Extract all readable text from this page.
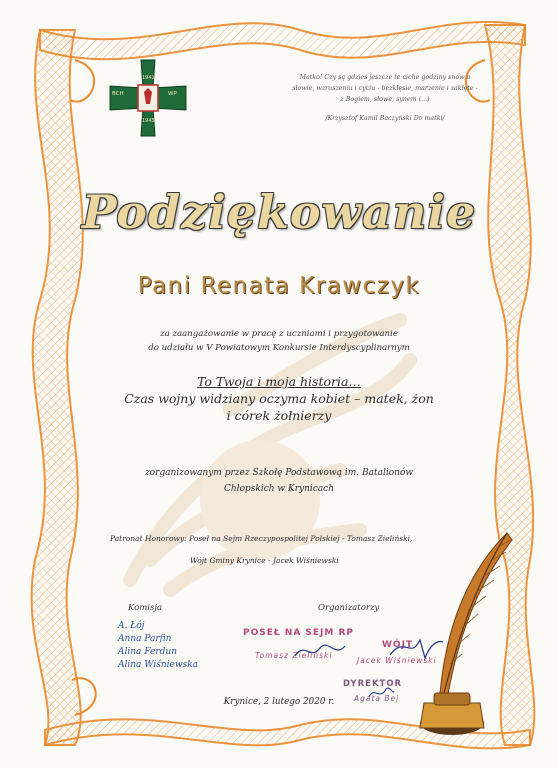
BCH	WP
1941
1945
Matko! Czy są gdzieś jeszcze te ciche godziny snów o słowie, wzruszeniu i cyciu - bezkłęsie, marzenie i zakłęte - z Bogiem, słowe, synem (...)
/Krzysztof Kamil Baczyński Do matki/
Podziękowanie
Pani Renata Krawczyk
za zaangażowanie w pracę z uczniami i przygotowanie
do udziału w V Powiatowym Konkursie Interdyscyplinarnym
To Twoja i moja historia…
Czas wojny widziany oczyma kobiet – matek, żon
i córek żołnierzy
zorganizowanym przez Szkołę Podstawową im. Batalionów
Chłopskich w Krynicach
Patronat Honorowy: Poseł na Sejm Rzeczypospolitej Polskiej - Tomasz Zieliński,
Wójt Gminy Krynice - Jacek Wiśniewski
Komisja	Organizatorzy
A. Łój
Anna Parfin
Alina Ferdun
Alina Wiśniewska
POSEŁ NA SEJM RP
Tomasz Zieliński
WÓJT
Jacek Wiśniewski
DYREKTOR
Agata Bej
Krynice, 2 lutego 2020 r.
